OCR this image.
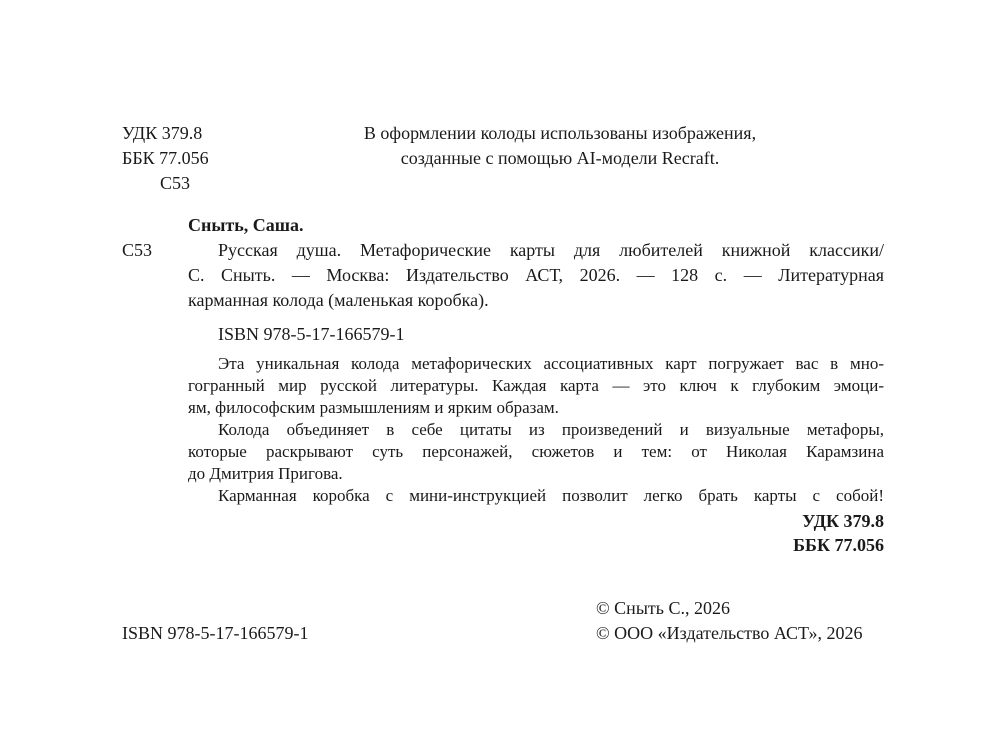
УДК 379.8
ББК 77.056
С53
В оформлении колоды использованы изображения,
созданные с помощью AI-модели Recraft.
Сныть, Саша.
С53	Русская душа. Метафорические карты для любителей книжной классики/
С. Сныть. — Москва: Издательство АСТ, 2026. — 128 с. — Литературная
карманная колода (маленькая коробка).
ISBN 978-5-17-166579-1
Эта уникальная колода метафорических ассоциативных карт погружает вас в мно-
гогранный мир русской литературы. Каждая карта — это ключ к глубоким эмоци-
ям, философским размышлениям и ярким образам.
Колода объединяет в себе цитаты из произведений и визуальные метафоры,
которые раскрывают суть персонажей, сюжетов и тем: от Николая Карамзина
до Дмитрия Пригова.
Карманная коробка с мини-инструкцией позволит легко брать карты с собой!
УДК 379.8
ББК 77.056
© Сныть С., 2026
ISBN 978-5-17-166579-1	© ООО «Издательство АСТ», 2026
